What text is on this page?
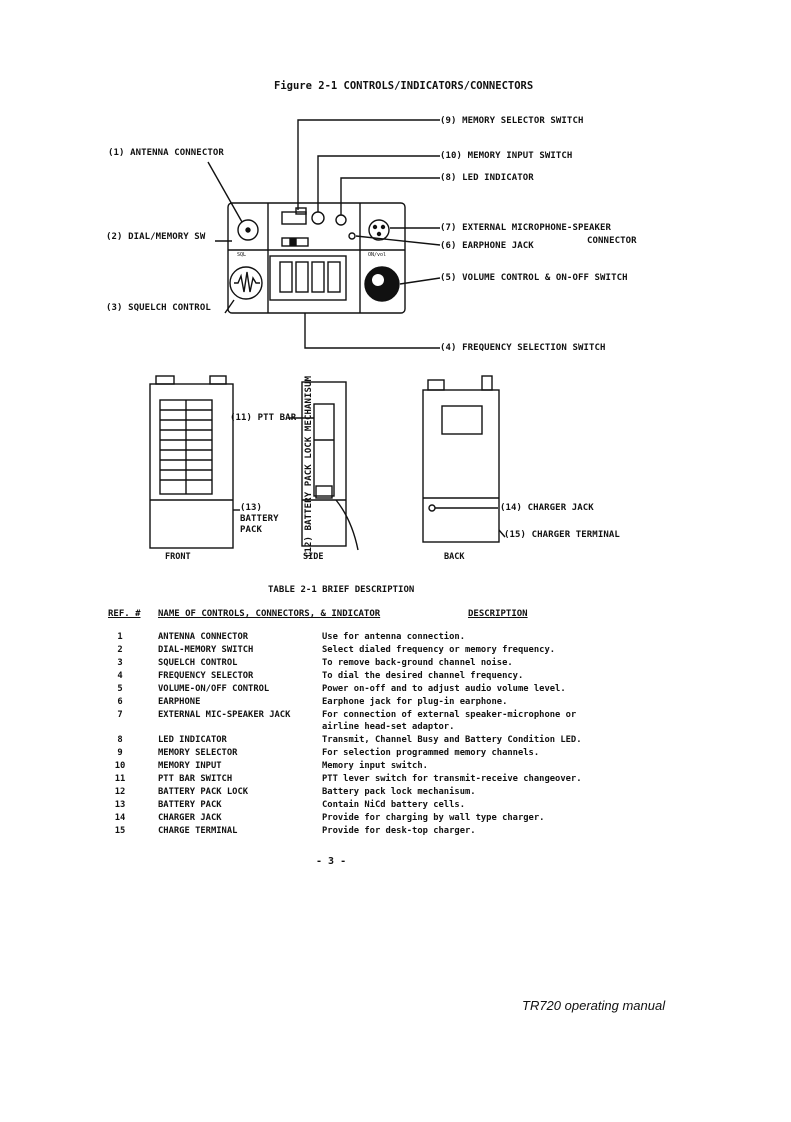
Figure 2-1 CONTROLS/INDICATORS/CONNECTORS
SQL	ON/vol
(9) MEMORY SELECTOR SWITCH
(1) ANTENNA CONNECTOR	(10) MEMORY INPUT SWITCH
(8) LED INDICATOR
(7) EXTERNAL MICROPHONE-SPEAKER
CONNECTOR
(2) DIAL/MEMORY SW
(6) EARPHONE JACK
(5) VOLUME CONTROL & ON-OFF SWITCH
(3) SQUELCH CONTROL
(4) FREQUENCY SELECTION SWITCH
(11) PTT BAR (12) BATTERY PACK LOCK MECHANISUM
(13)
BATTERY
PACK
(14) CHARGER JACK
(15) CHARGER TERMINAL
FRONT	SIDE	BACK
TABLE 2-1 BRIEF DESCRIPTION
REF. # NAME OF CONTROLS, CONNECTORS, & INDICATOR	DESCRIPTION
1	ANTENNA CONNECTOR	Use for antenna connection.
2	DIAL-MEMORY SWITCH	Select dialed frequency or memory frequency.
3	SQUELCH CONTROL	To remove back-ground channel noise.
4	FREQUENCY SELECTOR	To dial the desired channel frequency.
5	VOLUME-ON/OFF CONTROL	Power on-off and to adjust audio volume level.
6	EARPHONE	Earphone jack for plug-in earphone.
7	EXTERNAL MIC-SPEAKER JACK	For connection of external speaker-microphone or
airline head-set adaptor.
8	LED INDICATOR	Transmit, Channel Busy and Battery Condition LED.
9	MEMORY SELECTOR	For selection programmed memory channels.
10	MEMORY INPUT	Memory input switch.
11	PTT BAR SWITCH	PTT lever switch for transmit-receive changeover.
12	BATTERY PACK LOCK	Battery pack lock mechanisum.
13	BATTERY PACK	Contain NiCd battery cells.
14	CHARGER JACK	Provide for charging by wall type charger.
15	CHARGE TERMINAL	Provide for desk-top charger.
- 3 -
TR720 operating manual
